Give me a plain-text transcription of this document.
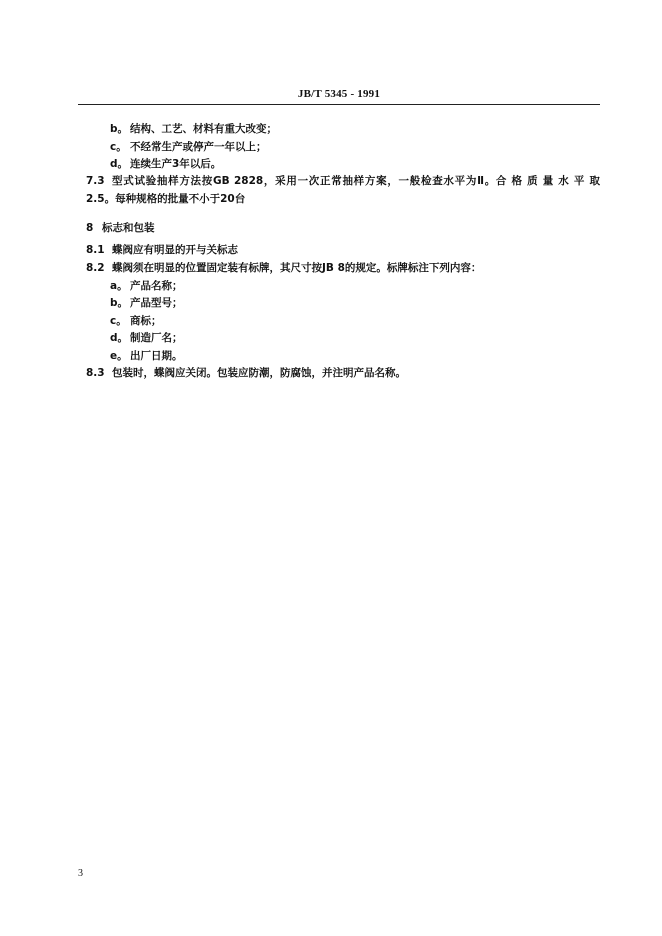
JB/T 5345 - 1991
b。 结构、工艺、材料有重大改变；
c。 不经常生产或停产一年以上；
d。 连续生产3年以后。
7.3 型式试验抽样方法按GB 2828，采用一次正常抽样方案，一般检查水平为Ⅱ。合 格 质 量 水 平 取
2.5。每种规格的批量不小于20台
8 标志和包装
8.1 蝶阀应有明显的开与关标志
8.2 蝶阀须在明显的位置固定装有标牌，其尺寸按JB 8的规定。标牌标注下列内容：
a。 产品名称；
b。 产品型号；
c。 商标；
d。 制造厂名；
e。 出厂日期。
8.3 包装时，蝶阀应关闭。包装应防潮，防腐蚀，并注明产品名称。
3
